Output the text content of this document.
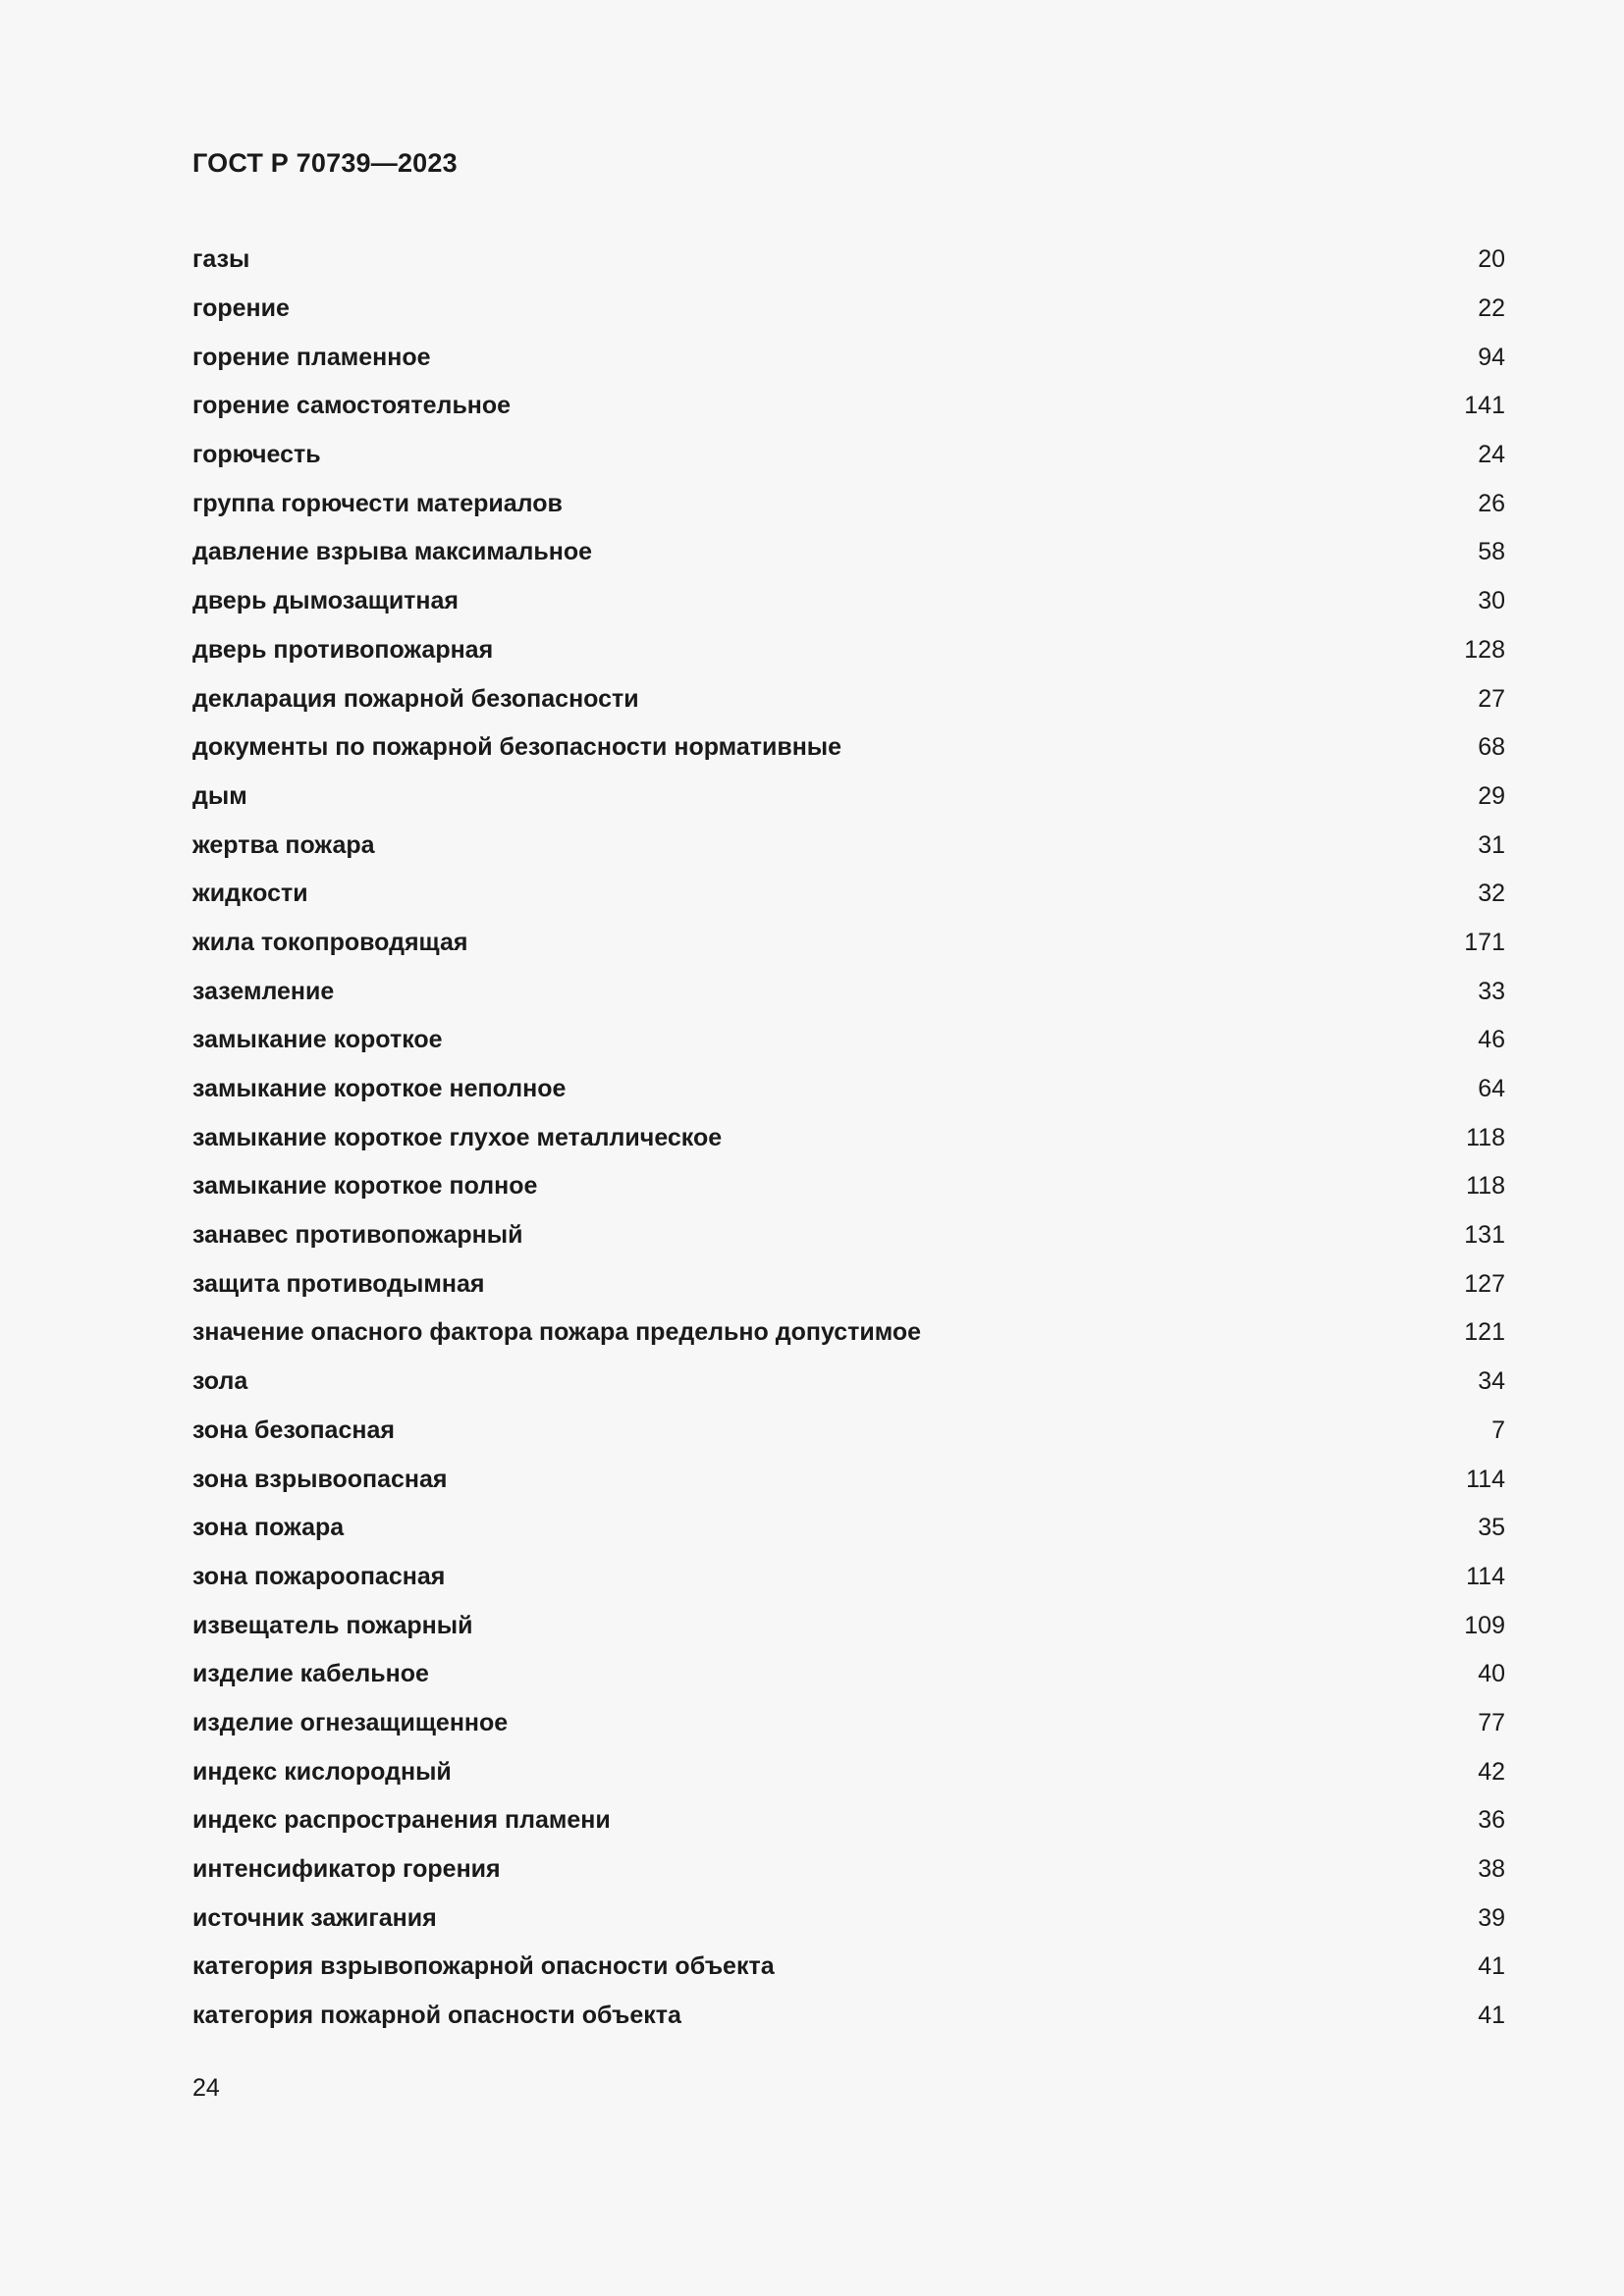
ГОСТ Р 70739—2023
газы	20
горение	22
горение пламенное	94
горение самостоятельное	141
горючесть	24
группа горючести материалов	26
давление взрыва максимальное	58
дверь дымозащитная	30
дверь противопожарная	128
декларация пожарной безопасности	27
документы по пожарной безопасности нормативные	68
дым	29
жертва пожара	31
жидкости	32
жила токопроводящая	171
заземление	33
замыкание короткое	46
замыкание короткое неполное	64
замыкание короткое глухое металлическое	118
замыкание короткое полное	118
занавес противопожарный	131
защита противодымная	127
значение опасного фактора пожара предельно допустимое	121
зола	34
зона безопасная	7
зона взрывоопасная	114
зона пожара	35
зона пожароопасная	114
извещатель пожарный	109
изделие кабельное	40
изделие огнезащищенное	77
индекс кислородный	42
индекс распространения пламени	36
интенсификатор горения	38
источник зажигания	39
категория взрывопожарной опасности объекта	41
категория пожарной опасности объекта	41
24
